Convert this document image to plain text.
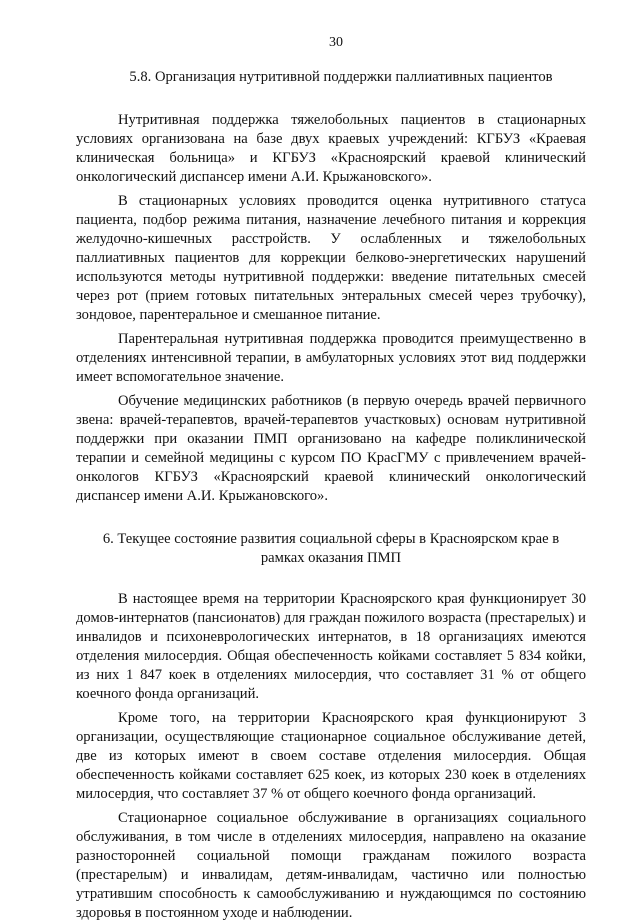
30
5.8. Организация нутритивной поддержки паллиативных пациентов

Нутритивная поддержка тяжелобольных пациентов в стационарных условиях организована на базе двух краевых учреждений: КГБУЗ «Краевая клиническая больница» и КГБУЗ «Красноярский краевой клинический онкологический диспансер имени А.И. Крыжановского».

В стационарных условиях проводится оценка нутритивного статуса пациента, подбор режима питания, назначение лечебного питания и коррекция желудочно-кишечных расстройств. У ослабленных и тяжелобольных паллиативных пациентов для коррекции белково-энергетических нарушений используются методы нутритивной поддержки: введение питательных смесей через рот (прием готовых питательных энтеральных смесей через трубочку), зондовое, парентеральное и смешанное питание.

Парентеральная нутритивная поддержка проводится преимущественно в отделениях интенсивной терапии, в амбулаторных условиях этот вид поддержки имеет вспомогательное значение.

Обучение медицинских работников (в первую очередь врачей первичного звена: врачей-терапевтов, врачей-терапевтов участковых) основам нутритивной поддержки при оказании ПМП организовано на кафедре поликлинической терапии и семейной медицины с курсом ПО КрасГМУ с привлечением врачей-онкологов КГБУЗ «Красноярский краевой клинический онкологический диспансер имени А.И. Крыжановского».

6. Текущее состояние развития социальной сферы в Красноярском крае в рамках оказания ПМП

В настоящее время на территории Красноярского края функционирует 30 домов-интернатов (пансионатов) для граждан пожилого возраста (престарелых) и инвалидов и психоневрологических интернатов, в 18 организациях имеются отделения милосердия. Общая обеспеченность койками составляет 5 834 койки, из них 1 847 коек в отделениях милосердия, что составляет 31 % от общего коечного фонда организаций.

Кроме того, на территории Красноярского края функционируют 3 организации, осуществляющие стационарное социальное обслуживание детей, две из которых имеют в своем составе отделения милосердия. Общая обеспеченность койками составляет 625 коек, из которых 230 коек в отделениях милосердия, что составляет 37 % от общего коечного фонда организаций.

Стационарное социальное обслуживание в организациях социального обслуживания, в том числе в отделениях милосердия, направлено на оказание разносторонней социальной помощи гражданам пожилого возраста (престарелым) и инвалидам, детям-инвалидам, частично или полностью утратившим способность к самообслуживанию и нуждающимся по состоянию здоровья в постоянном уходе и наблюдении.
